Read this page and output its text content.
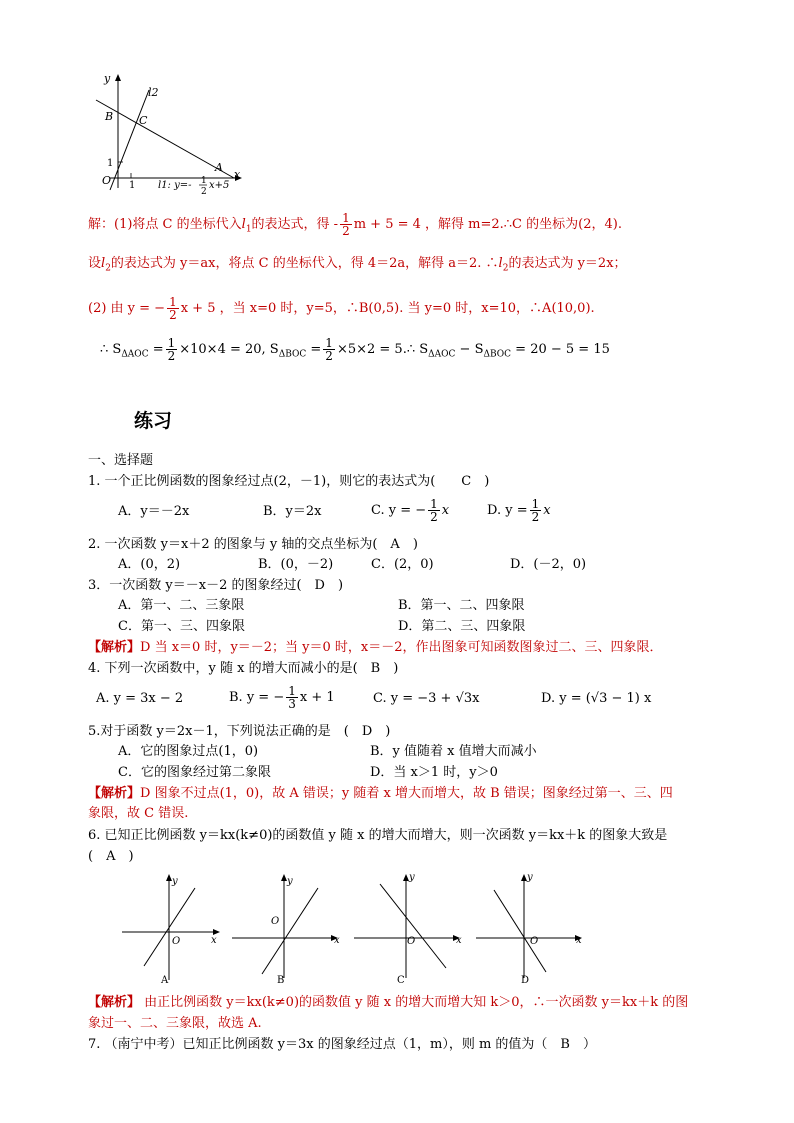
y
l2
B C
1	A
O 1
x
l1: y=- 1
2
x+5
解：(1)将点 C 的坐标代入$l_1$的表达式，得 - $\frac{1}{2}$ m + 5 = 4 ，解得 m=2.∴C 的坐标为(2，4).
设$l_2$的表达式为 y＝ax，将点 C 的坐标代入，得 4＝2a，解得 a＝2. $\therefore l_2$的表达式为 y＝2x；
(2) 由 y = − $\frac{1}{2}$ x + 5 ，当 x=0 时，y=5，∴B(0,5). 当 y=0 时，x=10，∴A(10,0).
∴ $S_{\Delta AOC} = \frac{1}{2} \times 10\times 4 = 20$, $S_{\Delta BOC} = \frac{1}{2} \times 5\times 2$ = 5.∴ $S_{\Delta AOC} - S_{\Delta BOC} = 20 - 5 = 15$
练习
一、选择题
1. 一个正比例函数的图象经过点(2，－1)，则它的表达式为(　　C　)
A．y＝－2x	B．y＝2x	C. y = − $\frac{1}{2}$ x	D. $y = \frac{1}{2}$ x
2. 一次函数 y＝x＋2 的图象与 y 轴的交点坐标为(　A　)
A．(0，2)	B．(0，－2)	C．(2，0)	D．(－2，0)
3．一次函数 y＝－x－2 的图象经过(　D　)
A．第一、二、三象限	B．第一、二、四象限
C．第一、三、四象限	D．第二、三、四象限
【解析】D 当 x＝0 时，y＝－2；当 y＝0 时，x＝－2，作出图象可知函数图象过二、三、四象限．
4. 下列一次函数中，y 随 x 的增大而减小的是(　B　)
A. y = 3x − 2	B. y = − $\frac{1}{3}$ x + 1	C. y = −3 + √3x	D. y = (√3 − 1) x
5.对于函数 y＝2x－1，下列说法正确的是　(　D　)
A．它的图象过点(1，0)	B．y 值随着 x 值增大而减小
C．它的图象经过第二象限	D．当 x＞1 时，y＞0
【解析】D 图象不过点(1，0)，故 A 错误；y 随着 x 增大而增大，故 B 错误；图象经过第一、三、四
象限，故 C 错误.
6. 已知正比例函数 y＝kx(k≠0)的函数值 y 随 x 的增大而增大，则一次函数 y＝kx＋k 的图象大致是
(　A　)
y
x
O
A
y
x
O
B
y
x
O
C
y
x
O
D
【解析】 由正比例函数 y＝kx(k≠0)的函数值 y 随 x 的增大而增大知 k＞0，∴一次函数 y＝kx＋k 的图
象过一、二、三象限，故选 A.
7. （南宁中考）已知正比例函数 y＝3x 的图象经过点（1，m），则 m 的值为（　B　）
